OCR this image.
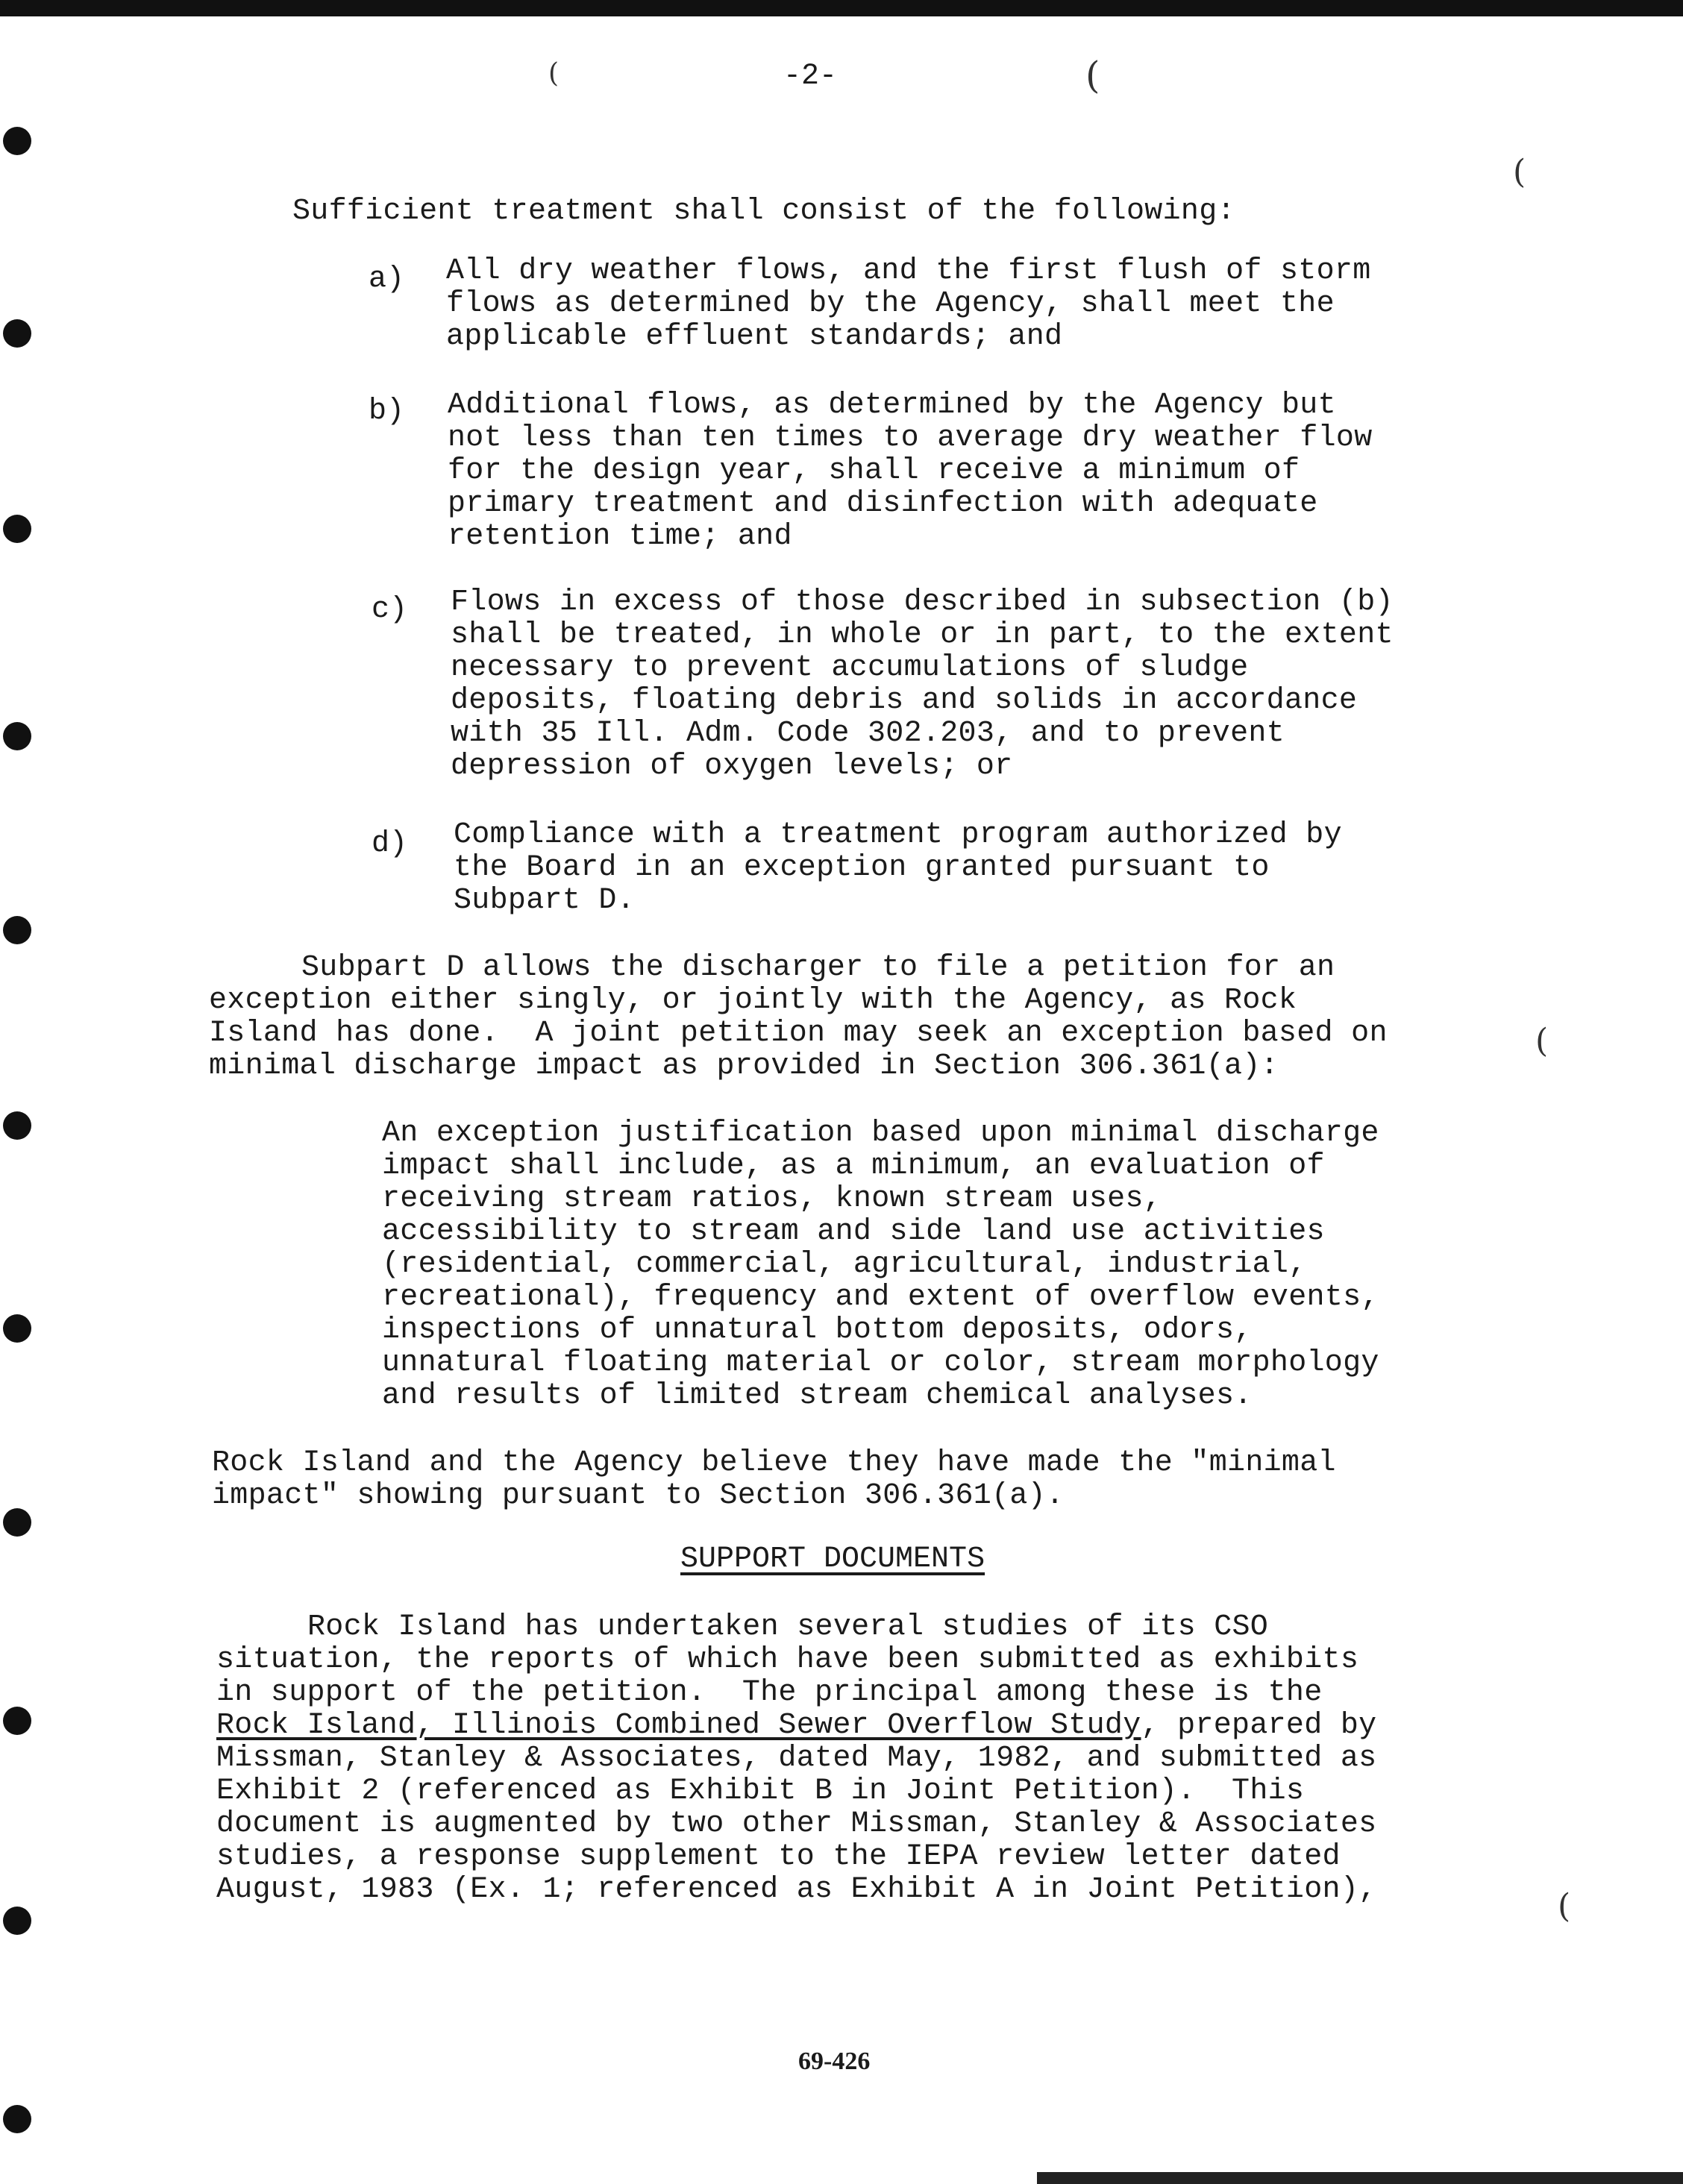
(	(
(
(
(
-2-

Sufficient treatment shall consist of the following:

a) All dry weather flows, and the first flush of storm

flows as determined by the Agency, shall meet the

applicable effluent standards; and

b) Additional flows, as determined by the Agency but

not less than ten times to average dry weather flow

for the design year, shall receive a minimum of

primary treatment and disinfection with adequate

retention time; and

c) Flows in excess of those described in subsection (b)

shall be treated, in whole or in part, to the extent

necessary to prevent accumulations of sludge

deposits, floating debris and solids in accordance

with 35 Ill. Adm. Code 302.203, and to prevent

depression of oxygen levels; or

d) Compliance with a treatment program authorized by

the Board in an exception granted pursuant to

Subpart D.

Subpart D allows the discharger to file a petition for an

exception either singly, or jointly with the Agency, as Rock

Island has done.  A joint petition may seek an exception based on

minimal discharge impact as provided in Section 306.361(a):

An exception justification based upon minimal discharge

impact shall include, as a minimum, an evaluation of

receiving stream ratios, known stream uses,

accessibility to stream and side land use activities

(residential, commercial, agricultural, industrial,

recreational), frequency and extent of overflow events,

inspections of unnatural bottom deposits, odors,

unnatural floating material or color, stream morphology

and results of limited stream chemical analyses.

Rock Island and the Agency believe they have made the "minimal

impact" showing pursuant to Section 306.361(a).

SUPPORT DOCUMENTS

Rock Island has undertaken several studies of its CSO

situation, the reports of which have been submitted as exhibits

in support of the petition.  The principal among these is the

Rock Island, Illinois Combined Sewer Overflow Study, prepared by

Missman, Stanley & Associates, dated May, 1982, and submitted as

Exhibit 2 (referenced as Exhibit B in Joint Petition).  This

document is augmented by two other Missman, Stanley & Associates

studies, a response supplement to the IEPA review letter dated

August, 1983 (Ex. 1; referenced as Exhibit A in Joint Petition),

69-426
